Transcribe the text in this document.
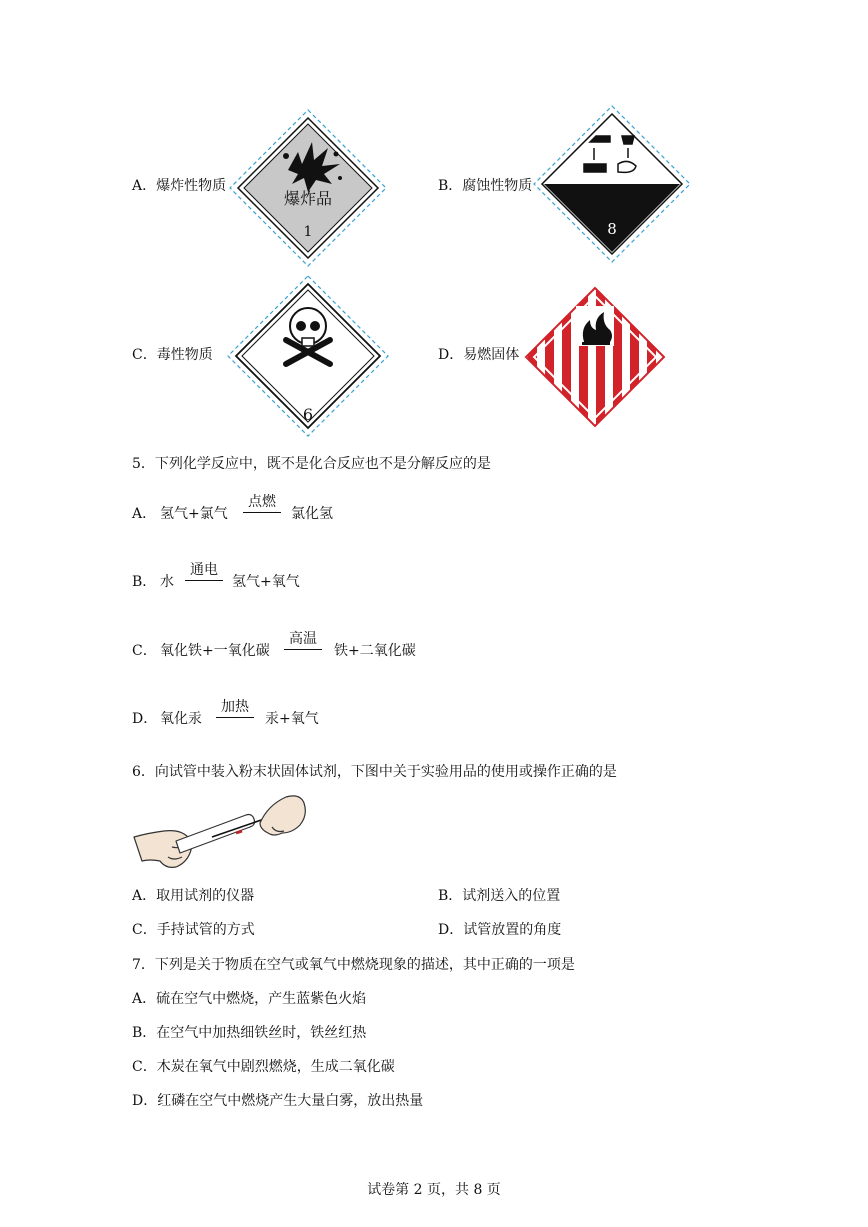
A．爆炸性物质
爆炸品
1
B．腐蚀性物质
8
C．毒性物质
6
D．易燃固体
5．下列化学反应中，既不是化合反应也不是分解反应的是
A． 氢气+氯气
点燃
氯化氢
B． 水
通电
氢气+氧气
C． 氧化铁+一氧化碳
高温
铁+二氧化碳
D． 氧化汞
加热
汞+氧气
6．向试管中装入粉末状固体试剂，下图中关于实验用品的使用或操作正确的是
A．取用试剂的仪器	B．试剂送入的位置
C．手持试管的方式	D．试管放置的角度
7．下列是关于物质在空气或氧气中燃烧现象的描述，其中正确的一项是
A．硫在空气中燃烧，产生蓝紫色火焰
B．在空气中加热细铁丝时，铁丝红热
C．木炭在氧气中剧烈燃烧，生成二氧化碳
D．红磷在空气中燃烧产生大量白雾，放出热量
试卷第 2 页，共 8 页
